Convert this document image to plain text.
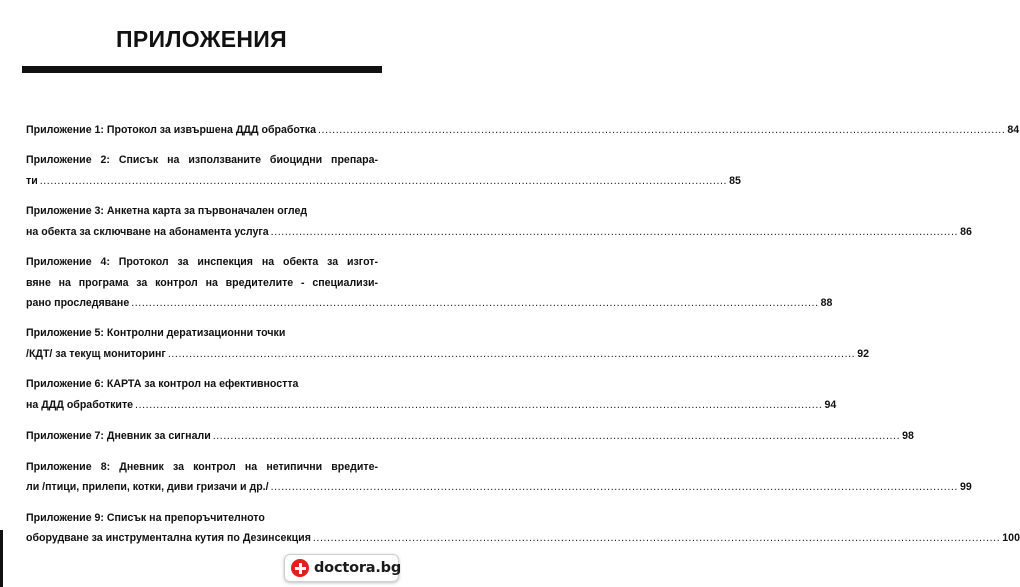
ПРИЛОЖЕНИЯ
Приложение 1: Протокол за извършена ДДД обработка .................................................................................................................................................................................................. 84
Приложение 2: Списък на използваните биоцидни препара-
ти .................................................................................................................................................................................................. 85
Приложение 3: Анкетна карта за първоначален оглед
на обекта за сключване на абонамента услуга .................................................................................................................................................................................................. 86
Приложение 4: Протокол за инспекция на обекта за изгот-
вяне на програма за контрол на вредителите - специализи-
рано проследяване .................................................................................................................................................................................................. 88
Приложение 5: Контролни дератизационни точки
/КДТ/ за текущ мониторинг .................................................................................................................................................................................................. 92
Приложение 6: КАРТА за контрол на ефективността
на ДДД обработките .................................................................................................................................................................................................. 94
Приложение 7: Дневник за сигнали .................................................................................................................................................................................................. 98
Приложение 8: Дневник за контрол на нетипични вредите-
ли /птици, прилепи, котки, диви гризачи и др./ .................................................................................................................................................................................................. 99
Приложение 9: Списък на препоръчителното
оборудване за инструментална кутия по Дезинсекция .................................................................................................................................................................................................. 100
doctora.bg
